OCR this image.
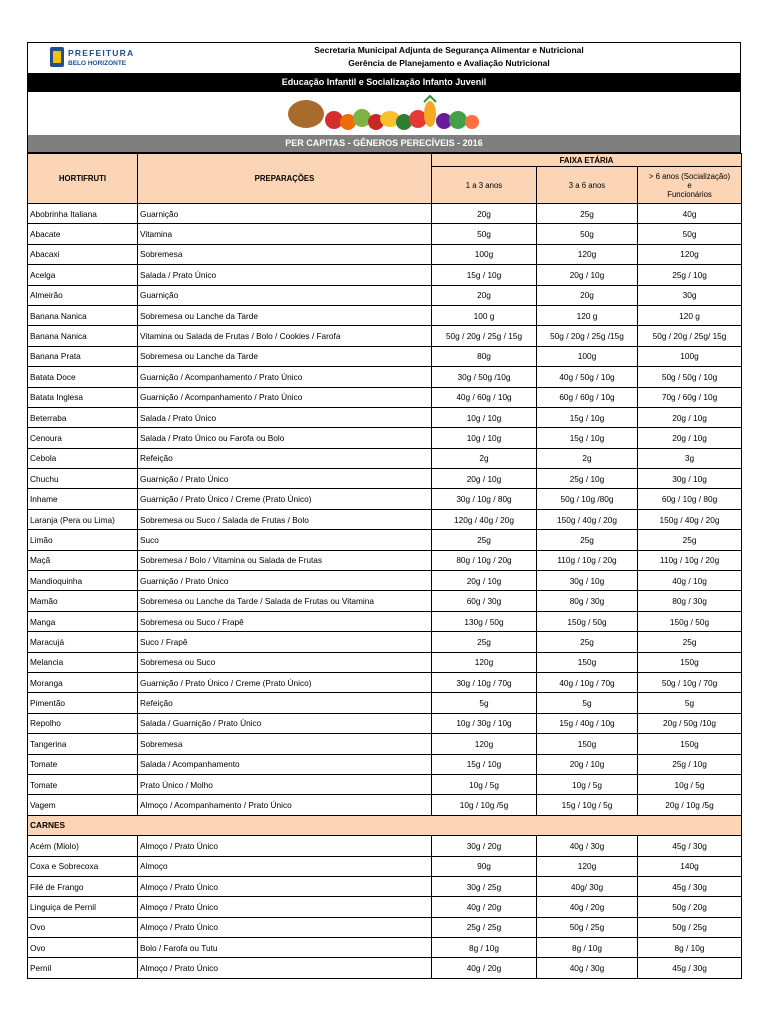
PREFEITURA
BELO HORIZONTE
Secretaria Municipal Adjunta de Segurança Alimentar e Nutricional
Gerência de Planejamento e Avaliação Nutricional
Educação Infantil e Socialização Infanto Juvenil
PER CAPITAS - GÊNEROS PERECÍVEIS - 2016
HORTIFRUTI	PREPARAÇÕES	FAIXA ETÁRIA		
		1 a 3 anos	3 a 6 anos	> 6 anos (Socialização)
e
Funcionários

Abobrinha Italiana	Guarnição	20g	25g	40g
Abacate	Vitamina	50g	50g	50g
Abacaxi	Sobremesa	100g	120g	120g
Acelga	Salada / Prato Único	15g / 10g	20g / 10g	25g / 10g
Almeirão	Guarnição	20g	20g	30g
Banana Nanica	Sobremesa ou Lanche da Tarde	100 g	120 g	120 g
Banana Nanica	Vitamina ou Salada de Frutas / Bolo / Cookies / Farofa	50g / 20g / 25g / 15g	50g / 20g / 25g /15g	50g / 20g / 25g/ 15g
Banana Prata	Sobremesa ou Lanche da Tarde	80g	100g	100g
Batata Doce	Guarnição / Acompanhamento / Prato Único	30g / 50g /10g	40g / 50g / 10g	50g / 50g / 10g
Batata Inglesa	Guarnição / Acompanhamento / Prato Único	40g / 60g / 10g	60g / 60g / 10g	70g / 60g / 10g
Beterraba	Salada / Prato Único	10g / 10g	15g / 10g	20g / 10g
Cenoura	Salada / Prato Único ou Farofa ou Bolo	10g / 10g	15g / 10g	20g / 10g
Cebola	Refeição	2g	2g	3g
Chuchu	Guarnição / Prato Único	20g / 10g	25g / 10g	30g / 10g
Inhame	Guarnição / Prato Único / Creme (Prato Único)	30g / 10g / 80g	50g / 10g /80g	60g / 10g / 80g
Laranja (Pera ou Lima)	Sobremesa ou Suco / Salada de Frutas / Bolo	120g / 40g / 20g	150g / 40g / 20g	150g / 40g / 20g
Limão	Suco	25g	25g	25g
Maçã	Sobremesa / Bolo / Vitamina ou Salada de Frutas	80g / 10g / 20g	110g / 10g / 20g	110g / 10g / 20g
Mandioquinha	Guarnição / Prato Único	20g / 10g	30g / 10g	40g / 10g
Mamão	Sobremesa ou Lanche da Tarde / Salada de Frutas ou Vitamina	60g / 30g	80g / 30g	80g / 30g
Manga	Sobremesa ou Suco / Frapê	130g / 50g	150g / 50g	150g / 50g
Maracujá	Suco / Frapê	25g	25g	25g
Melancia	Sobremesa ou Suco	120g	150g	150g
Moranga	Guarnição / Prato Único / Creme (Prato Único)	30g / 10g / 70g	40g / 10g / 70g	50g / 10g / 70g
Pimentão	Refeição	5g	5g	5g
Repolho	Salada / Guarnição / Prato Único	10g / 30g / 10g	15g / 40g / 10g	20g / 50g /10g
Tangerina	Sobremesa	120g	150g	150g
Tomate	Salada / Acompanhamento	15g / 10g	20g / 10g	25g / 10g
Tomate	Prato Único / Molho	10g / 5g	10g / 5g	10g / 5g
Vagem	Almoço / Acompanhamento / Prato Único	10g / 10g /5g	15g / 10g / 5g	20g / 10g /5g
CARNES				
Acém (Miolo)	Almoço / Prato Único	30g / 20g	40g / 30g	45g / 30g
Coxa e Sobrecoxa	Almoço	90g	120g	140g
Filé de Frango	Almoço / Prato Único	30g / 25g	40g/ 30g	45g / 30g
Linguiça de Pernil	Almoço / Prato Único	40g / 20g	40g / 20g	50g / 20g
Ovo	Almoço / Prato Único	25g / 25g	50g / 25g	50g / 25g
Ovo	Bolo / Farofa ou Tutu	8g / 10g	8g / 10g	8g / 10g
Pernil	Almoço / Prato Único	40g / 20g	40g / 30g	45g / 30g
